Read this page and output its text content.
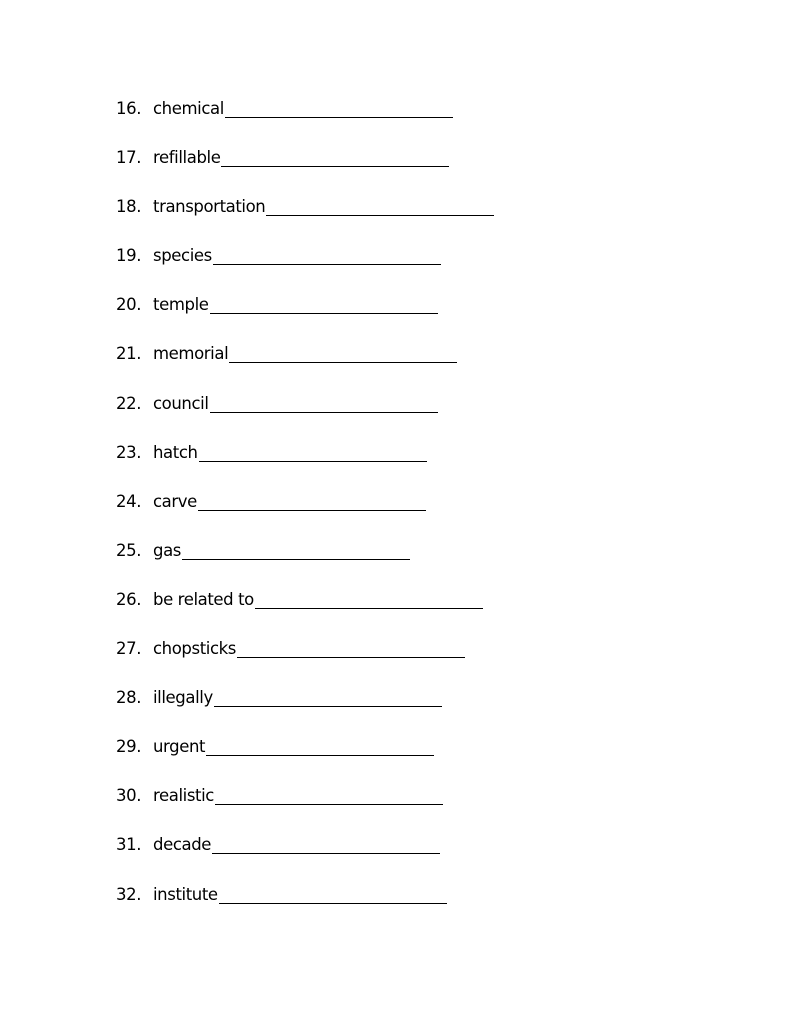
16. chemical
17. refillable
18. transportation
19. species
20. temple
21. memorial
22. council
23. hatch
24. carve
25. gas
26. be related to
27. chopsticks
28. illegally
29. urgent
30. realistic
31. decade
32. institute
